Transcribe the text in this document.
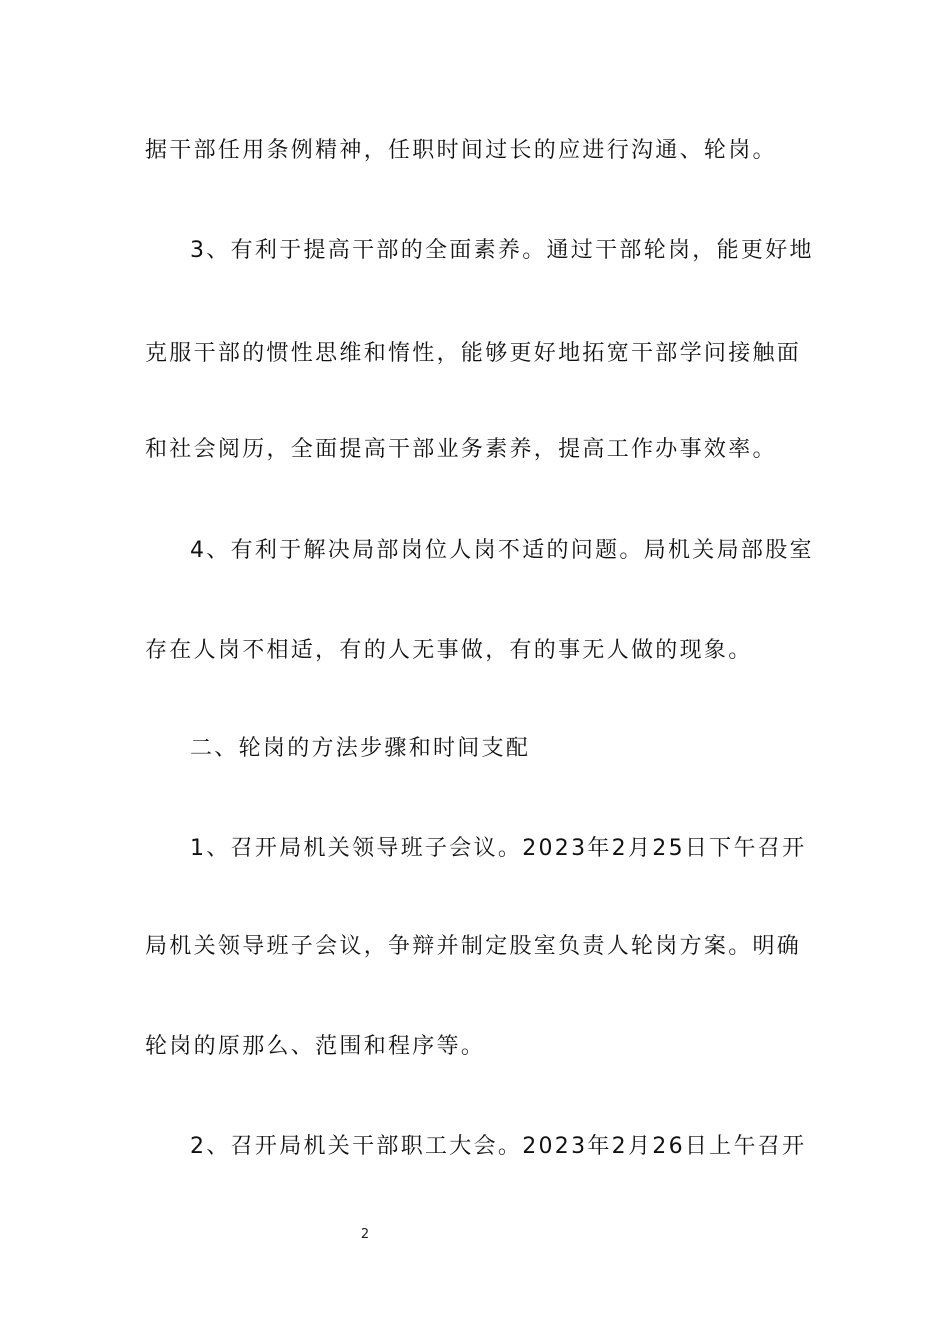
据干部任用条例精神，任职时间过长的应进行沟通、轮岗。
3、有利于提高干部的全面素养。通过干部轮岗，能更好地
克服干部的惯性思维和惰性，能够更好地拓宽干部学问接触面
和社会阅历，全面提高干部业务素养，提高工作办事效率。
4、有利于解决局部岗位人岗不适的问题。局机关局部股室
存在人岗不相适，有的人无事做，有的事无人做的现象。
二、轮岗的方法步骤和时间支配
1、召开局机关领导班子会议。2023年2月25日下午召开
局机关领导班子会议，争辩并制定股室负责人轮岗方案。明确
轮岗的原那么、范围和程序等。
2、召开局机关干部职工大会。2023年2月26日上午召开
2
